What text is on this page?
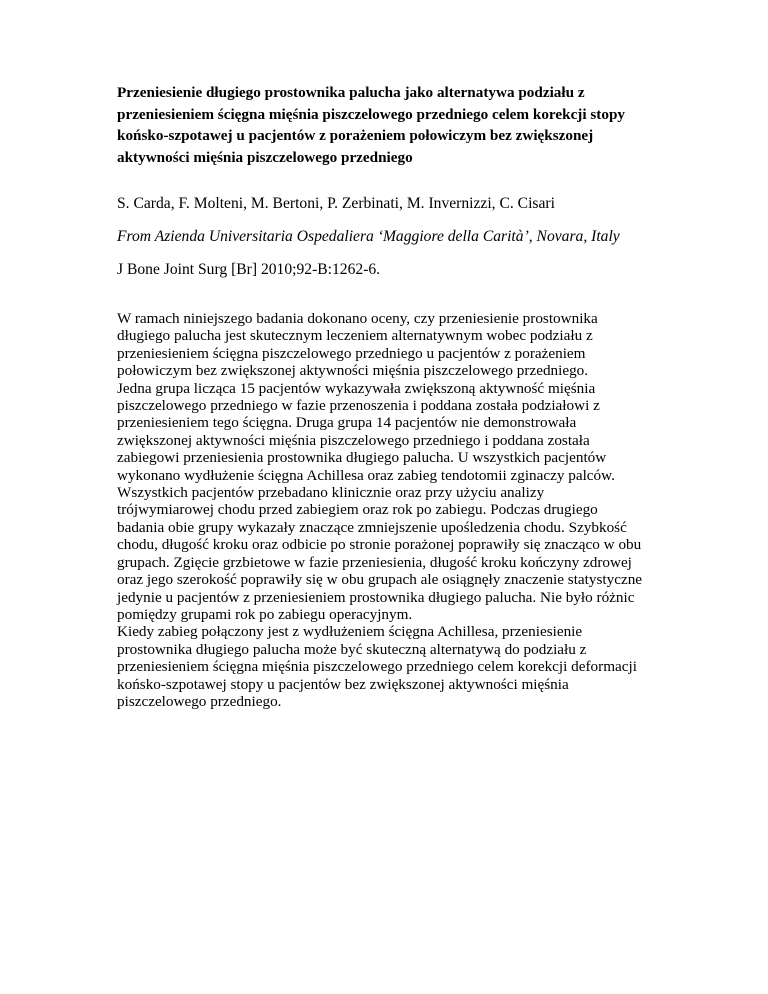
Przeniesienie długiego prostownika palucha jako alternatywa podziału z
przeniesieniem ścięgna mięśnia piszczelowego przedniego celem korekcji stopy
końsko-szpotawej u pacjentów z porażeniem połowiczym bez zwiększonej
aktywności mięśnia piszczelowego przedniego

S. Carda, F. Molteni, M. Bertoni, P. Zerbinati, M. Invernizzi, C. Cisari

From Azienda Universitaria Ospedaliera ‘Maggiore della Carità’, Novara, Italy

J Bone Joint Surg [Br] 2010;92-B:1262-6.

W ramach niniejszego badania dokonano oceny, czy przeniesienie prostownika
długiego palucha jest skutecznym leczeniem alternatywnym wobec podziału z
przeniesieniem ścięgna piszczelowego przedniego u pacjentów z porażeniem
połowiczym bez zwiększonej aktywności mięśnia piszczelowego przedniego.
Jedna grupa licząca 15 pacjentów wykazywała zwiększoną aktywność mięśnia
piszczelowego przedniego w fazie przenoszenia i poddana została podziałowi z
przeniesieniem tego ścięgna. Druga grupa 14 pacjentów nie demonstrowała
zwiększonej aktywności mięśnia piszczelowego przedniego i poddana została
zabiegowi przeniesienia prostownika długiego palucha. U wszystkich pacjentów
wykonano wydłużenie ścięgna Achillesa oraz zabieg tendotomii zginaczy palców.
Wszystkich pacjentów przebadano klinicznie oraz przy użyciu analizy
trójwymiarowej chodu przed zabiegiem oraz rok po zabiegu. Podczas drugiego
badania obie grupy wykazały znaczące zmniejszenie upośledzenia chodu. Szybkość
chodu, długość kroku oraz odbicie po stronie porażonej poprawiły się znacząco w obu
grupach. Zgięcie grzbietowe w fazie przeniesienia, długość kroku kończyny zdrowej
oraz jego szerokość poprawiły się w obu grupach ale osiągnęły znaczenie statystyczne
jedynie u pacjentów z przeniesieniem prostownika długiego palucha. Nie było różnic
pomiędzy grupami rok po zabiegu operacyjnym.

Kiedy zabieg połączony jest z wydłużeniem ścięgna Achillesa, przeniesienie
prostownika długiego palucha może być skuteczną alternatywą do podziału z
przeniesieniem ścięgna mięśnia piszczelowego przedniego celem korekcji deformacji
końsko-szpotawej stopy u pacjentów bez zwiększonej aktywności mięśnia
piszczelowego przedniego.
